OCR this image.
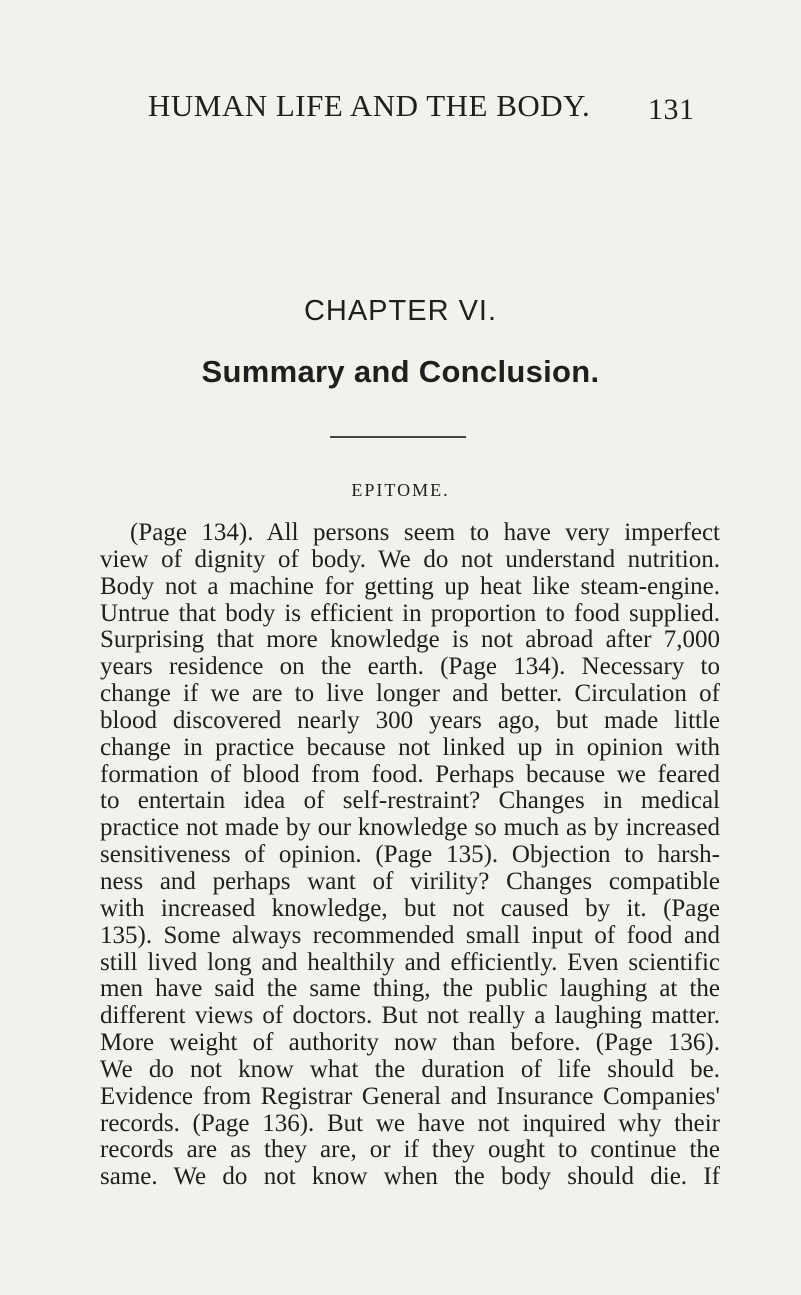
HUMAN LIFE AND THE BODY.	131
CHAPTER VI.
Summary and Conclusion.
EPITOME.
(Page 134). All persons seem to have very imperfect
view of dignity of body. We do not understand nutrition.
Body not a machine for getting up heat like steam-engine.
Untrue that body is efficient in proportion to food supplied.
Surprising that more knowledge is not abroad after 7,000
years residence on the earth. (Page 134). Necessary to
change if we are to live longer and better. Circulation of
blood discovered nearly 300 years ago, but made little
change in practice because not linked up in opinion with
formation of blood from food. Perhaps because we feared
to entertain idea of self-restraint? Changes in medical
practice not made by our knowledge so much as by increased
sensitiveness of opinion. (Page 135). Objection to harsh-
ness and perhaps want of virility? Changes compatible
with increased knowledge, but not caused by it. (Page
135). Some always recommended small input of food and
still lived long and healthily and efficiently. Even scientific
men have said the same thing, the public laughing at the
different views of doctors. But not really a laughing matter.
More weight of authority now than before. (Page 136).
We do not know what the duration of life should be.
Evidence from Registrar General and Insurance Companies'
records. (Page 136). But we have not inquired why their
records are as they are, or if they ought to continue the
same. We do not know when the body should die. If
